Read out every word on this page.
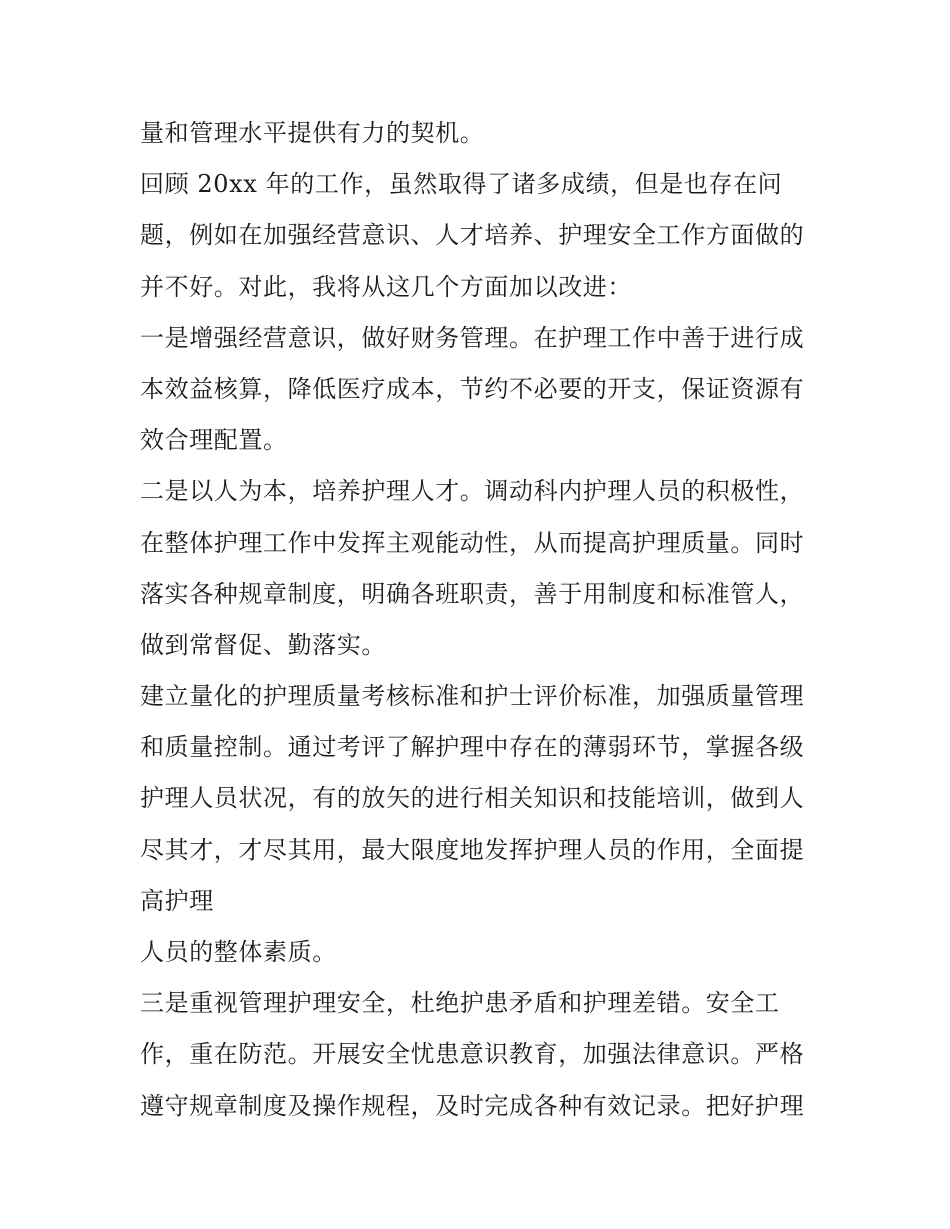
量和管理水平提供有力的契机。
回顾 20xx 年的工作，虽然取得了诸多成绩，但是也存在问
题，例如在加强经营意识、人才培养、护理安全工作方面做的
并不好。对此，我将从这几个方面加以改进：
一是增强经营意识，做好财务管理。在护理工作中善于进行成
本效益核算，降低医疗成本，节约不必要的开支，保证资源有
效合理配置。
二是以人为本，培养护理人才。调动科内护理人员的积极性，
在整体护理工作中发挥主观能动性，从而提高护理质量。同时
落实各种规章制度，明确各班职责，善于用制度和标准管人，
做到常督促、勤落实。
建立量化的护理质量考核标准和护士评价标准，加强质量管理
和质量控制。通过考评了解护理中存在的薄弱环节，掌握各级
护理人员状况，有的放矢的进行相关知识和技能培训，做到人
尽其才，才尽其用，最大限度地发挥护理人员的作用，全面提
高护理
人员的整体素质。
三是重视管理护理安全，杜绝护患矛盾和护理差错。安全工
作，重在防范。开展安全忧患意识教育，加强法律意识。严格
遵守规章制度及操作规程，及时完成各种有效记录。把好护理
